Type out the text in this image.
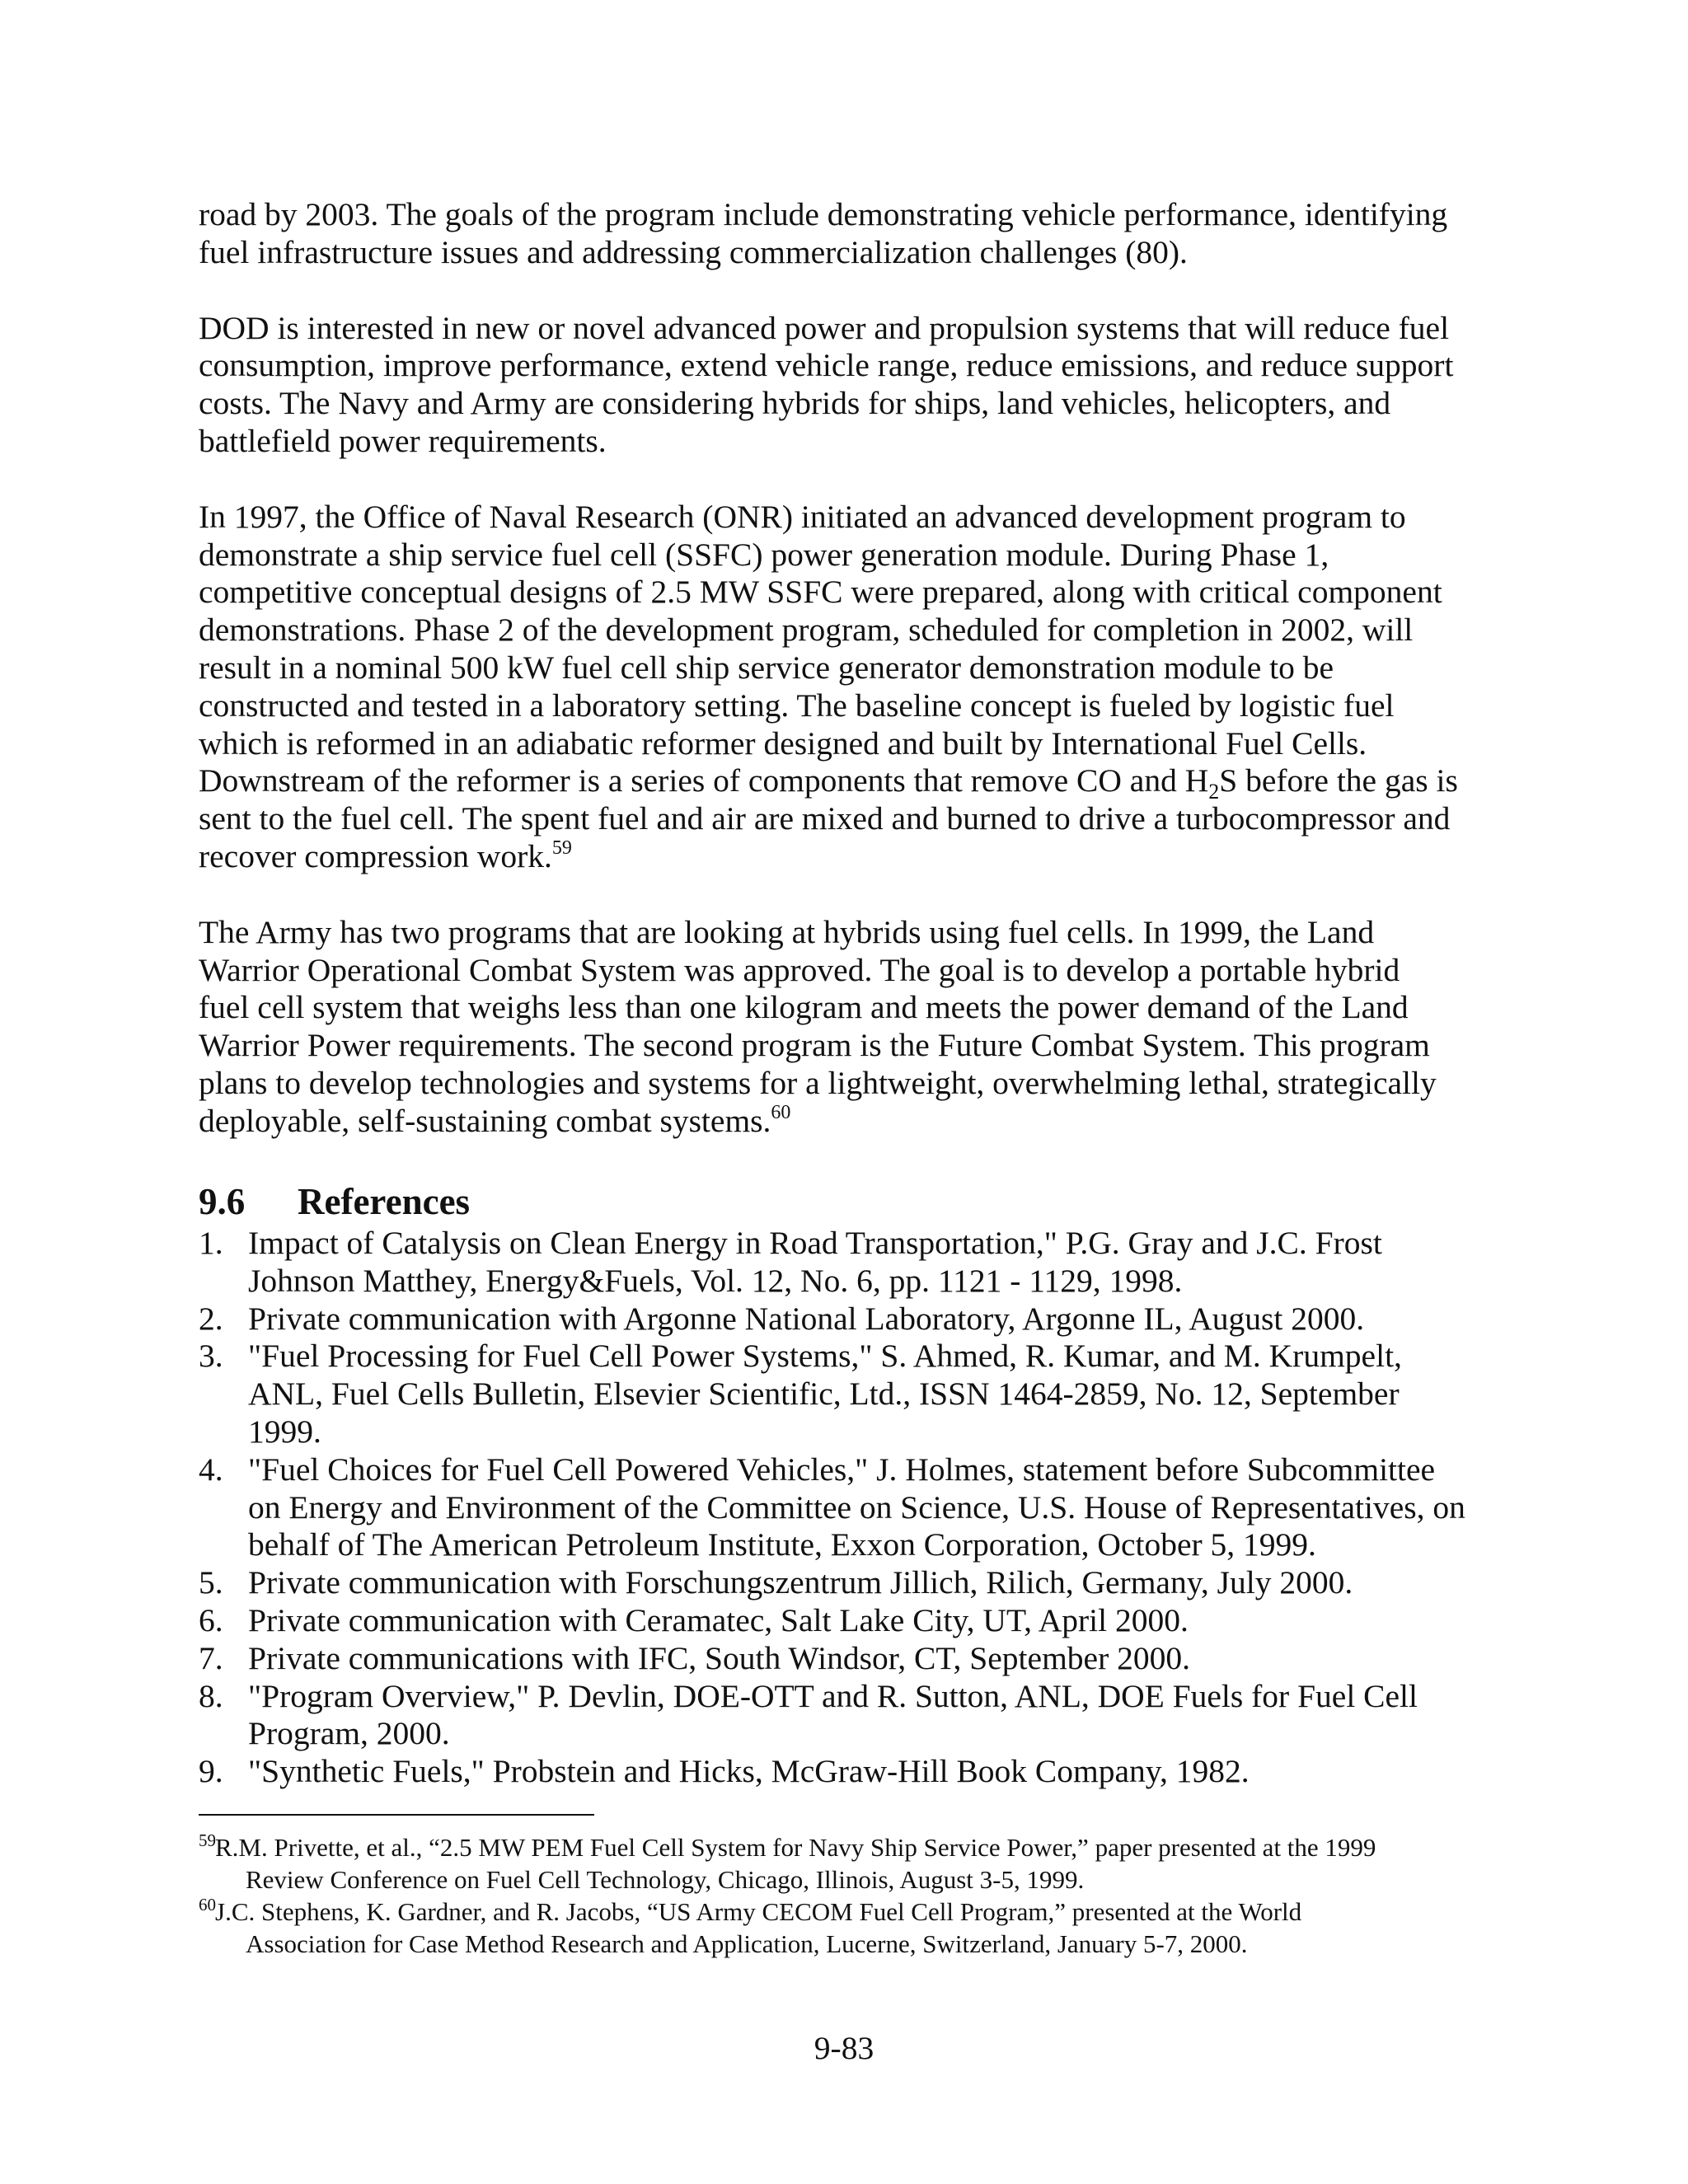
road by 2003. The goals of the program include demonstrating vehicle performance, identifying
fuel infrastructure issues and addressing commercialization challenges (80).

DOD is interested in new or novel advanced power and propulsion systems that will reduce fuel
consumption, improve performance, extend vehicle range, reduce emissions, and reduce support
costs. The Navy and Army are considering hybrids for ships, land vehicles, helicopters, and
battlefield power requirements.

In 1997, the Office of Naval Research (ONR) initiated an advanced development program to
demonstrate a ship service fuel cell (SSFC) power generation module. During Phase 1,
competitive conceptual designs of 2.5 MW SSFC were prepared, along with critical component
demonstrations. Phase 2 of the development program, scheduled for completion in 2002, will
result in a nominal 500 kW fuel cell ship service generator demonstration module to be
constructed and tested in a laboratory setting. The baseline concept is fueled by logistic fuel
which is reformed in an adiabatic reformer designed and built by International Fuel Cells.
Downstream of the reformer is a series of components that remove CO and $H_2S$ before the gas is
sent to the fuel cell. The spent fuel and air are mixed and burned to drive a turbocompressor and
recover compression work.$^{59}$

The Army has two programs that are looking at hybrids using fuel cells. In 1999, the Land
Warrior Operational Combat System was approved. The goal is to develop a portable hybrid
fuel cell system that weighs less than one kilogram and meets the power demand of the Land
Warrior Power requirements. The second program is the Future Combat System. This program
plans to develop technologies and systems for a lightweight, overwhelming lethal, strategically
deployable, self-sustaining combat systems.$^{60}$

9.6 References
1. Impact of Catalysis on Clean Energy in Road Transportation," P.G. Gray and J.C. Frost
Johnson Matthey, Energy&Fuels, Vol. 12, No. 6, pp. 1121 - 1129, 1998.
2. Private communication with Argonne National Laboratory, Argonne IL, August 2000.
3. "Fuel Processing for Fuel Cell Power Systems," S. Ahmed, R. Kumar, and M. Krumpelt,
ANL, Fuel Cells Bulletin, Elsevier Scientific, Ltd., ISSN 1464-2859, No. 12, September
1999.
4. "Fuel Choices for Fuel Cell Powered Vehicles," J. Holmes, statement before Subcommittee
on Energy and Environment of the Committee on Science, U.S. House of Representatives, on
behalf of The American Petroleum Institute, Exxon Corporation, October 5, 1999.
5. Private communication with Forschungszentrum Jillich, Rilich, Germany, July 2000.
6. Private communication with Ceramatec, Salt Lake City, UT, April 2000.
7. Private communications with IFC, South Windsor, CT, September 2000.
8. "Program Overview," P. Devlin, DOE-OTT and R. Sutton, ANL, DOE Fuels for Fuel Cell
Program, 2000.
9. "Synthetic Fuels," Probstein and Hicks, McGraw-Hill Book Company, 1982.
59 R.M. Privette, et al., “2.5 MW PEM Fuel Cell System for Navy Ship Service Power,” paper presented at the 1999
Review Conference on Fuel Cell Technology, Chicago, Illinois, August 3-5, 1999.
60 J.C. Stephens, K. Gardner, and R. Jacobs, “US Army CECOM Fuel Cell Program,” presented at the World
Association for Case Method Research and Application, Lucerne, Switzerland, January 5-7, 2000.
9-83
